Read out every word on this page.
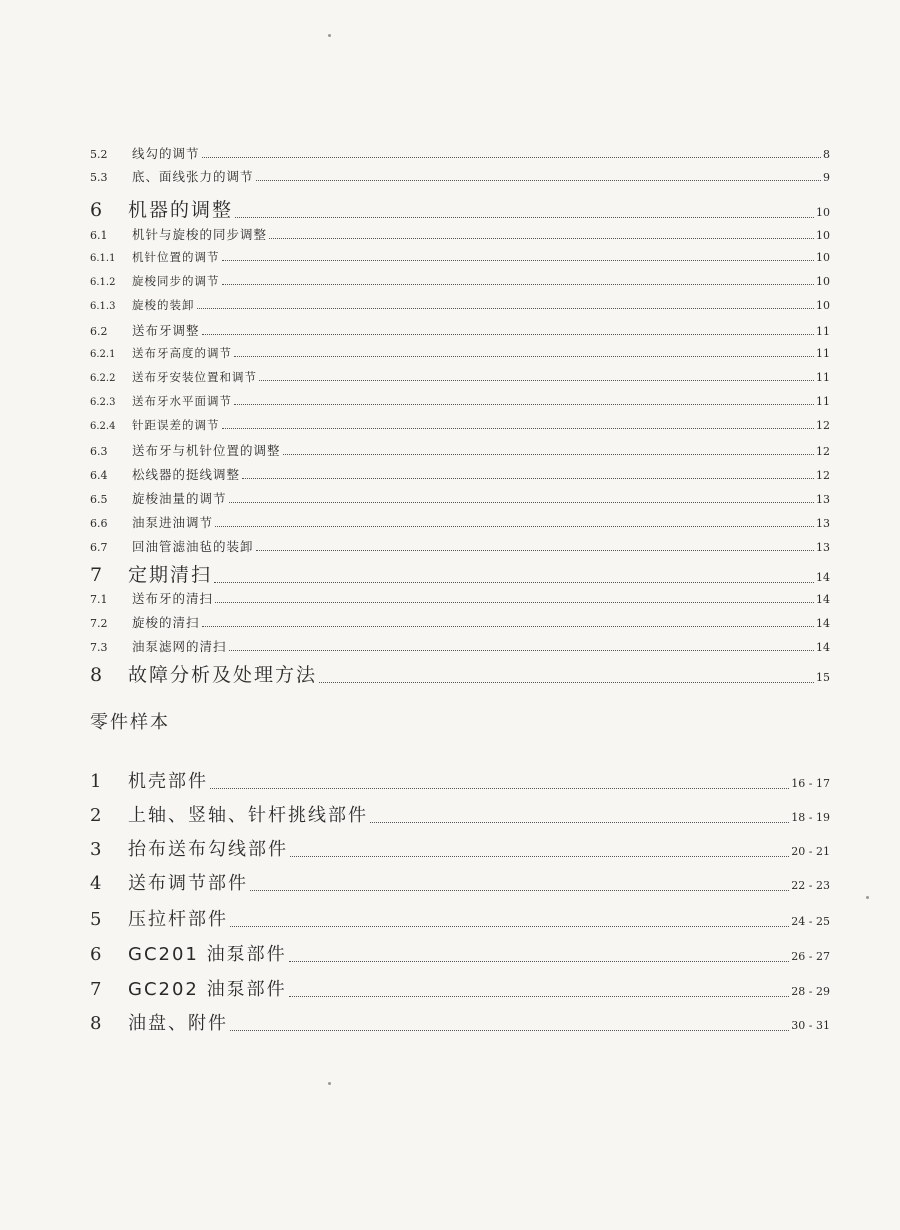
5.2	线勾的调节	8
5.3	底、面线张力的调节	9
6	机器的调整	10
6.1	机针与旋梭的同步调整	10
6.1.1	机针位置的调节	10
6.1.2	旋梭同步的调节	10
6.1.3	旋梭的装卸	10
6.2	送布牙调整	11
6.2.1	送布牙高度的调节	11
6.2.2	送布牙安装位置和调节	11
6.2.3	送布牙水平面调节	11
6.2.4	针距误差的调节	12
6.3	送布牙与机针位置的调整	12
6.4	松线器的挺线调整	12
6.5	旋梭油量的调节	13
6.6	油泵进油调节	13
6.7	回油管滤油毡的装卸	13
7	定期清扫	14
7.1	送布牙的清扫	14
7.2	旋梭的清扫	14
7.3	油泵滤网的清扫	14
8	故障分析及处理方法	15
零件样本
1	机壳部件	16 - 17
2	上轴、竖轴、针杆挑线部件	18 - 19
3	抬布送布勾线部件	20 - 21
4	送布调节部件	22 - 23
5	压拉杆部件	24 - 25
6	GC201 油泵部件	26 - 27
7	GC202 油泵部件	28 - 29
8	油盘、附件	30 - 31
